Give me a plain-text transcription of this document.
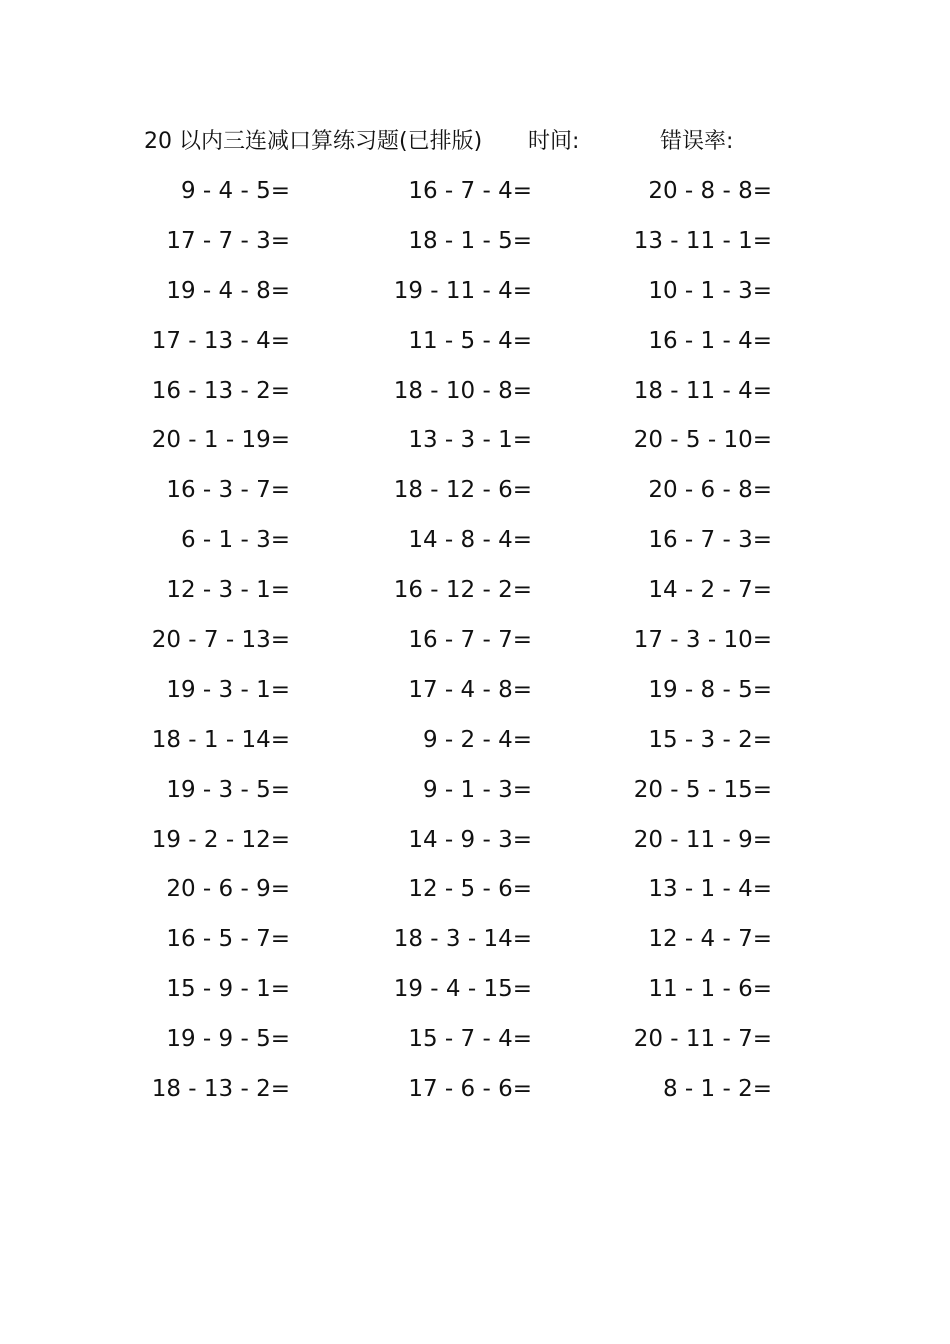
20 以内三连减口算练习题(已排版) 时间:	错误率:
9 - 4 - 5=	16 - 7 - 4=	20 - 8 - 8=
17 - 7 - 3=	18 - 1 - 5=	13 - 11 - 1=
19 - 4 - 8=	19 - 11 - 4=	10 - 1 - 3=
17 - 13 - 4=	11 - 5 - 4=	16 - 1 - 4=
16 - 13 - 2=	18 - 10 - 8=	18 - 11 - 4=
20 - 1 - 19=	13 - 3 - 1=	20 - 5 - 10=
16 - 3 - 7=	18 - 12 - 6=	20 - 6 - 8=
6 - 1 - 3=	14 - 8 - 4=	16 - 7 - 3=
12 - 3 - 1=	16 - 12 - 2=	14 - 2 - 7=
20 - 7 - 13=	16 - 7 - 7=	17 - 3 - 10=
19 - 3 - 1=	17 - 4 - 8=	19 - 8 - 5=
18 - 1 - 14=	9 - 2 - 4=	15 - 3 - 2=
19 - 3 - 5=	9 - 1 - 3=	20 - 5 - 15=
19 - 2 - 12=	14 - 9 - 3=	20 - 11 - 9=
20 - 6 - 9=	12 - 5 - 6=	13 - 1 - 4=
16 - 5 - 7=	18 - 3 - 14=	12 - 4 - 7=
15 - 9 - 1=	19 - 4 - 15=	11 - 1 - 6=
19 - 9 - 5=	15 - 7 - 4=	20 - 11 - 7=
18 - 13 - 2=	17 - 6 - 6=	8 - 1 - 2=
